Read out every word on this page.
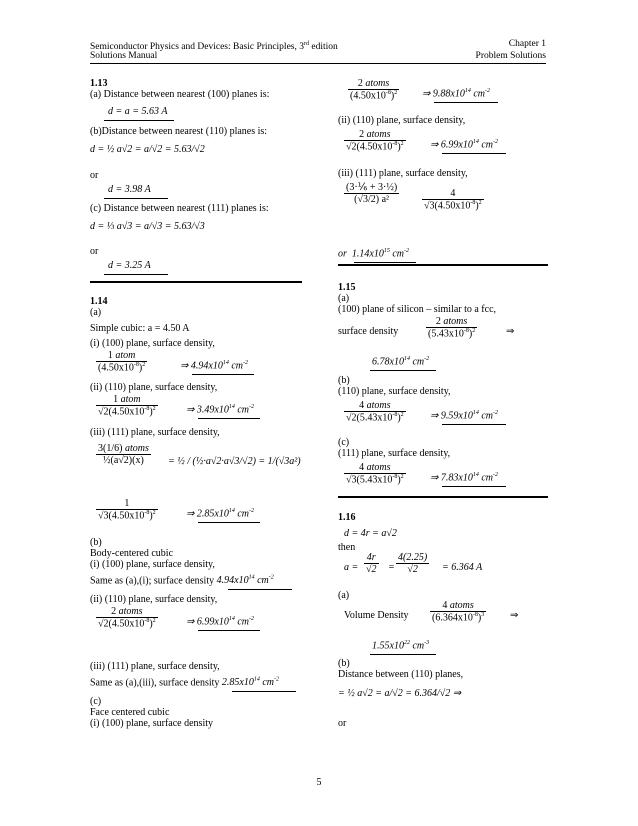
Semiconductor Physics and Devices: Basic Principles, 3rd edition	Chapter 1
Solutions Manual	Problem Solutions
1.13
(a) Distance between nearest (100) planes is:
d = a = 5.63 A
(b)Distance between nearest (110) planes is:
d = ½ a√2 = a/√2 = 5.63/√2
or
d = 3.98 A
(c) Distance between nearest (111) planes is:
d = ⅓ a√3 = a/√3 = 5.63/√3
or
d = 3.25 A
1.14
(a)
Simple cubic: a = 4.50 A
(i) (100) plane, surface density,
1 atom
$(4.50x10^{-8})^2$	⇒ $4.94x10^{14}$ $cm^{-2}$
(ii) (110) plane, surface density,
1 atom
$√2(4.50x10^{-8})^2$	⇒ $3.49x10^{14}$ $cm^{-2}$
(iii) (111) plane, surface density,
3(1/6) atoms
½(a√2)(x)	= ½ / (½·a√2·a√3/√2) = 1/(√3a²)
$\frac{1}{√3(4.50x10^{-8})^2}$	⇒ $2.85x10^{14}$ $cm^{-2}$
(b)
Body-centered cubic
(i) (100) plane, surface density,
Same as (a),(i); surface density $4.94x10^{14}$ $cm^{-2}$
(ii) (110) plane, surface density,
2 atoms
$√2(4.50x10^{-8})^2$	⇒ $6.99x10^{14}$ $cm^{-2}$
(iii) (111) plane, surface density,
Same as (a),(iii), surface density $2.85x10^{14}$ $cm^{-2}$
(c)
Face centered cubic
(i) (100) plane, surface density
2 atoms
$(4.50x10^{-8})^2$ ⇒ $9.88x10^{14}$ $cm^{-2}$
(ii) (110) plane, surface density,
2 atoms
$√2(4.50x10^{-8})^2$	⇒ $6.99x10^{14}$ $cm^{-2}$
(iii) (111) plane, surface density,
$\frac{\text{(3·⅙ + 3·½)}}{\text{(√3/2) a²}} \frac{4}{√3(4.50x10^{-8})^2}$
or $1.14x10^{15}$ $cm^{-2}$
1.15
(a)
(100) plane of silicon – similar to a fcc,
surface density
2 atoms
$(5.43x10^{-8})^2$	⇒
$6.78x10^{14}$ $cm^{-2}$
(b)
(110) plane, surface density,
4 atoms
$√2(5.43x10^{-8})^2$	⇒ $9.59x10^{14}$ $cm^{-2}$
(c)
(111) plane, surface density,
4 atoms
$√3(5.43x10^{-8})^2$	⇒ $7.83x10^{14}$ $cm^{-2}$
1.16
d = 4r = a√2
then
$a = \frac{4r}{√2} = \frac{4(2.25)}{√2} = 6.364$ A
(a)
Volume Density
4 atoms
$(6.364x10^{-8})^3$	⇒
$1.55x10^{22}$ $cm^{-3}$
(b)
Distance between (110) planes,
= ½ a√2 = a/√2 = 6.364/√2 ⇒
or
5
